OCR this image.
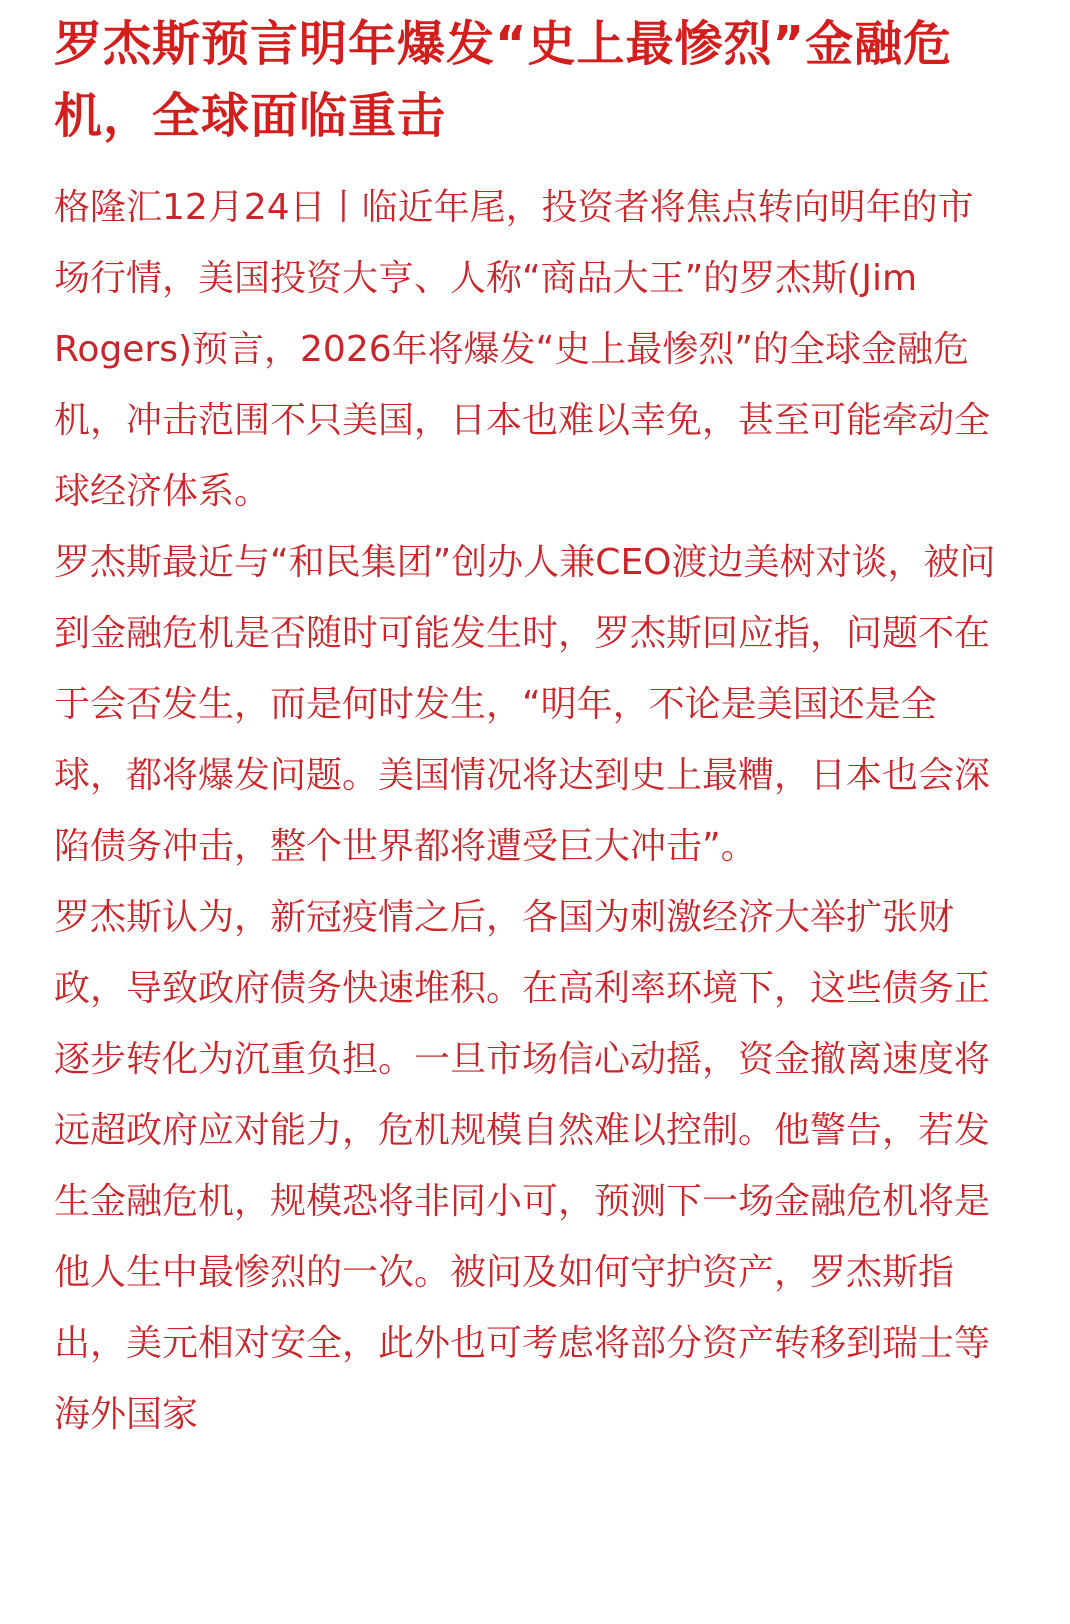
罗杰斯预言明年爆发“史上最惨烈”金融危机，全球面临重击

格隆汇12月24日丨临近年尾，投资者将焦点转向明年的市场行情，美国投资大亨、人称“商品大王”的罗杰斯(Jim Rogers)预言，2026年将爆发“史上最惨烈”的全球金融危机，冲击范围不只美国，日本也难以幸免，甚至可能牵动全球经济体系。

罗杰斯最近与“和民集团”创办人兼CEO渡边美树对谈，被问到金融危机是否随时可能发生时，罗杰斯回应指，问题不在于会否发生，而是何时发生，“明年，不论是美国还是全球，都将爆发问题。美国情况将达到史上最糟，日本也会深陷债务冲击，整个世界都将遭受巨大冲击”。

罗杰斯认为，新冠疫情之后，各国为刺激经济大举扩张财政，导致政府债务快速堆积。在高利率环境下，这些债务正逐步转化为沉重负担。一旦市场信心动摇，资金撤离速度将远超政府应对能力，危机规模自然难以控制。他警告，若发生金融危机，规模恐将非同小可，预测下一场金融危机将是他人生中最惨烈的一次。被问及如何守护资产，罗杰斯指出，美元相对安全，此外也可考虑将部分资产转移到瑞士等海外国家
